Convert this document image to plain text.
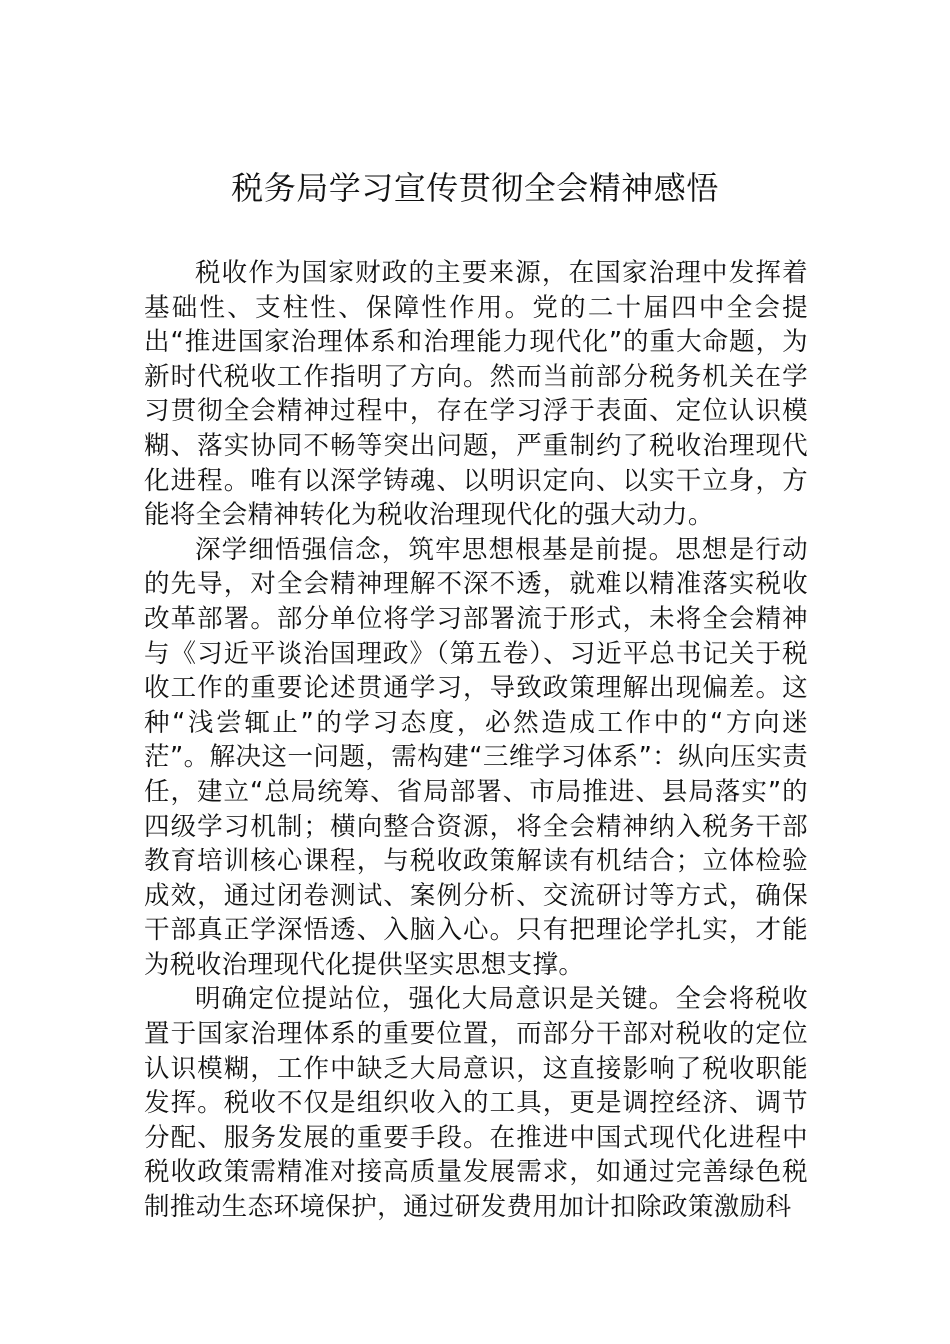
税务局学习宣传贯彻全会精神感悟

税收作为国家财政的主要来源，在国家治理中发挥着基础性、支柱性、保障性作用。党的二十届四中全会提出“推进国家治理体系和治理能力现代化”的重大命题，为新时代税收工作指明了方向。然而当前部分税务机关在学习贯彻全会精神过程中，存在学习浮于表面、定位认识模糊、落实协同不畅等突出问题，严重制约了税收治理现代化进程。唯有以深学铸魂、以明识定向、以实干立身，方能将全会精神转化为税收治理现代化的强大动力。

深学细悟强信念，筑牢思想根基是前提。思想是行动的先导，对全会精神理解不深不透，就难以精准落实税收改革部署。部分单位将学习部署流于形式，未将全会精神与《习近平谈治国理政》（第五卷）、习近平总书记关于税收工作的重要论述贯通学习，导致政策理解出现偏差。这种“浅尝辄止”的学习态度，必然造成工作中的“方向迷茫”。解决这一问题，需构建“三维学习体系”：纵向压实责任，建立“总局统筹、省局部署、市局推进、县局落实”的四级学习机制；横向整合资源，将全会精神纳入税务干部教育培训核心课程，与税收政策解读有机结合；立体检验成效，通过闭卷测试、案例分析、交流研讨等方式，确保干部真正学深悟透、入脑入心。只有把理论学扎实，才能为税收治理现代化提供坚实思想支撑。

明确定位提站位，强化大局意识是关键。全会将税收置于国家治理体系的重要位置，而部分干部对税收的定位认识模糊，工作中缺乏大局意识，这直接影响了税收职能发挥。税收不仅是组织收入的工具，更是调控经济、调节分配、服务发展的重要手段。在推进中国式现代化进程中税收政策需精准对接高质量发展需求，如通过完善绿色税制推动生态环境保护，通过研发费用加计扣除政策激励科
